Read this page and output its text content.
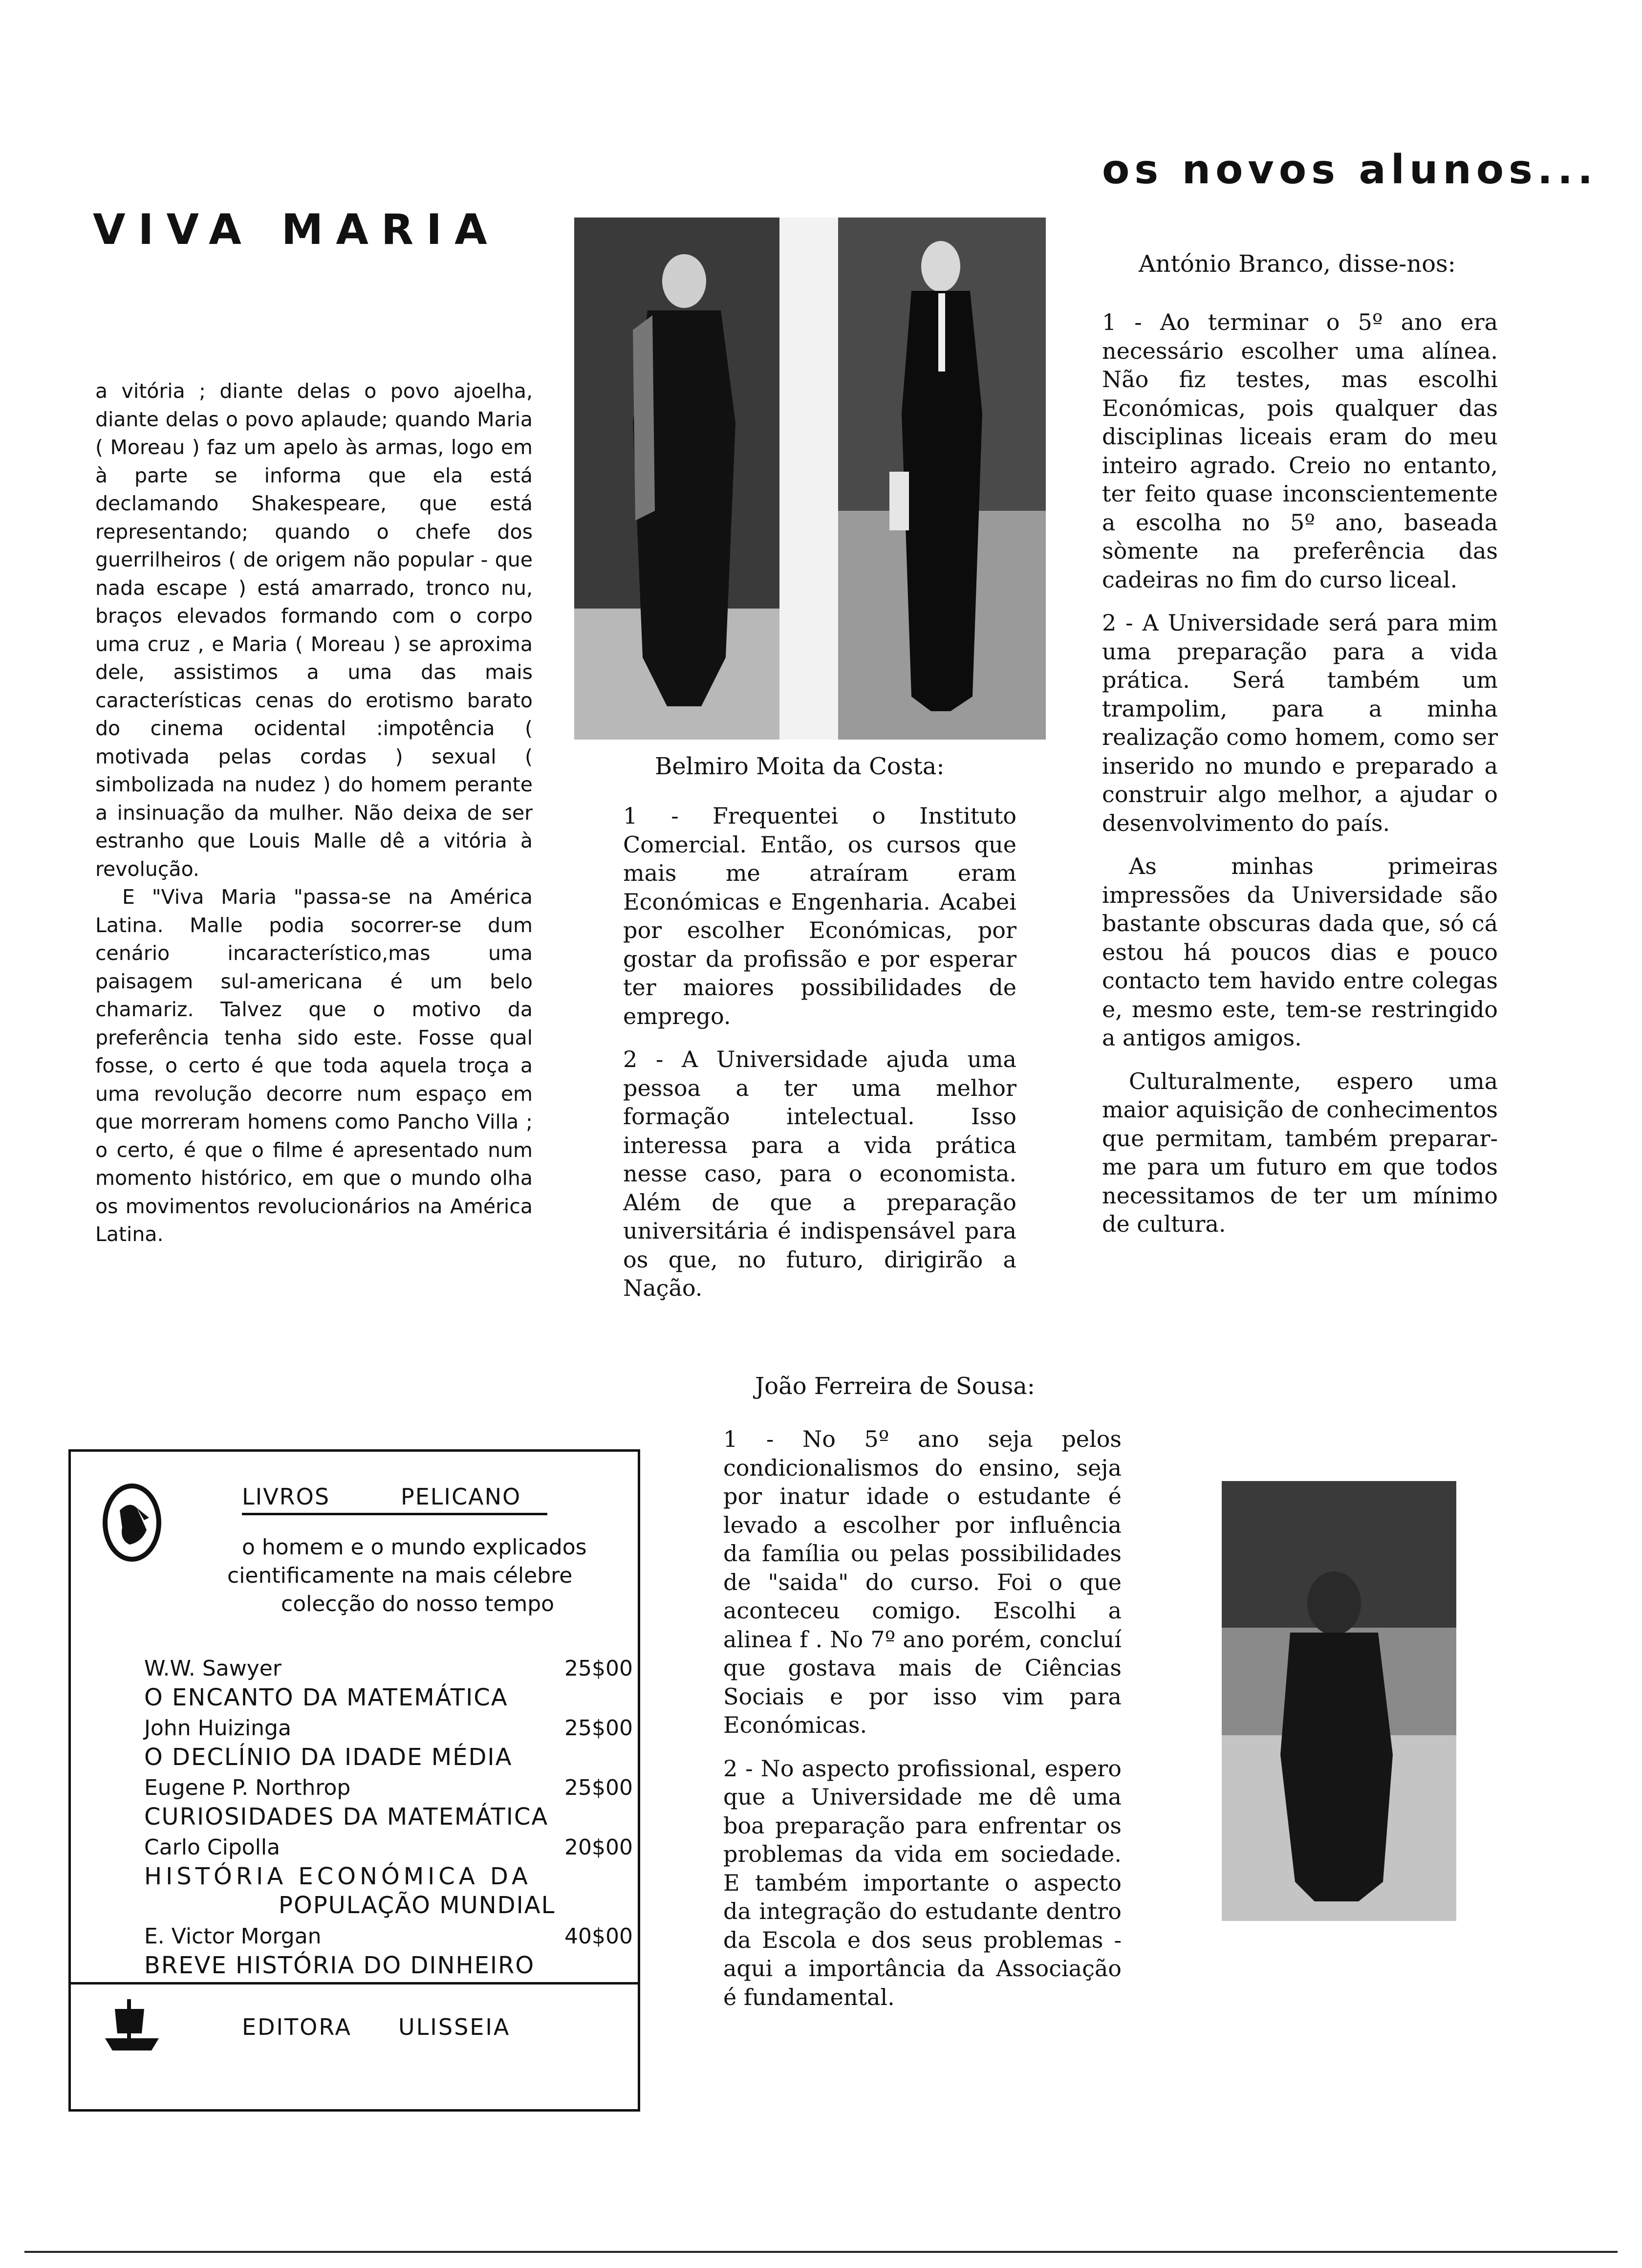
VIVA MARIA

a vitória ; diante delas o povo ajoelha, diante delas o povo aplaude; quando Maria ( Moreau ) faz um apelo às armas, logo em à parte se informa que ela está declamando Shakespeare, que está representando; quando o chefe dos guerrilheiros ( de origem não popular - que nada escape ) está amarrado, tronco nu, braços elevados formando com o corpo uma cruz , e Maria ( Moreau ) se aproxima dele, assistimos a uma das mais características cenas do erotismo barato do cinema ocidental :impotência ( motivada pelas cordas ) sexual ( simbolizada na nudez ) do homem perante a insinuação da mulher. Não deixa de ser estranho que Louis Malle dê a vitória à revolução.

E "Viva Maria "passa-se na América Latina. Malle podia socorrer-se dum cenário incaracterístico,mas uma paisagem sul-americana é um belo chamariz. Talvez que o motivo da preferência tenha sido este. Fosse qual fosse, o certo é que toda aquela troça a uma revolução decorre num espaço em que morreram homens como Pancho Villa ; o certo, é que o filme é apresentado num momento histórico, em que o mundo olha os movimentos revolucionários na América Latina.

os novos alunos...
António Branco, disse-nos:

1 - Ao terminar o 5º ano era necessário escolher uma alínea. Não fiz testes, mas escolhi Económicas, pois qualquer das disciplinas liceais eram do meu inteiro agrado. Creio no entanto, ter feito quase inconscientemente a escolha no 5º ano, baseada sòmente na preferência das cadeiras no fim do curso liceal.

2 - A Universidade será para mim uma preparação para a vida prática. Será também um trampolim, para a minha realização como homem, como ser inserido no mundo e preparado a construir algo melhor, a ajudar o desenvolvimento do país.

As minhas primeiras impressões da Universidade são bastante obscuras dada que, só cá estou há poucos dias e pouco contacto tem havido entre colegas e, mesmo este, tem-se restringido a antigos amigos.

Culturalmente, espero uma maior aquisição de conhecimentos que permitam, também preparar-me para um futuro em que todos necessitamos de ter um mínimo de cultura.

Belmiro Moita da Costa:

1 - Frequentei o Instituto Comercial. Então, os cursos que mais me atraíram eram Económicas e Engenharia. Acabei por escolher Económicas, por gostar da profissão e por esperar ter maiores possibilidades de emprego.

2 - A Universidade ajuda uma pessoa a ter uma melhor formação intelectual. Isso interessa para a vida prática nesse caso, para o economista. Além de que a preparação universitária é indispensável para os que, no futuro, dirigirão a Nação.

João Ferreira de Sousa:

1 - No 5º ano seja pelos condicionalismos do ensino, seja por inatur idade o estudante é levado a escolher por influência da família ou pelas possibilidades de "saida" do curso. Foi o que aconteceu comigo. Escolhi a alinea f . No 7º ano porém, concluí que gostava mais de Ciências Sociais e por isso vim para Económicas.

2 - No aspecto profissional, espero que a Universidade me dê uma boa preparação para enfrentar os problemas da vida em sociedade. E também importante o aspecto da integração do estudante dentro da Escola e dos seus problemas - aqui a importância da Associação é fundamental.

LIVROS	PELICANO
o homem e o mundo explicados
cientificamente na mais célebre
colecção do nosso tempo
W.W. Sawyer	25$00
O ENCANTO DA MATEMÁTICA
John Huizinga	25$00
O DECLÍNIO DA IDADE MÉDIA
Eugene P. Northrop	25$00
CURIOSIDADES DA MATEMÁTICA
Carlo Cipolla	20$00
HISTÓRIA ECONÓMICA DA
POPULAÇÃO MUNDIAL
E. Victor Morgan	40$00
BREVE HISTÓRIA DO DINHEIRO
EDITORA ULISSEIA
